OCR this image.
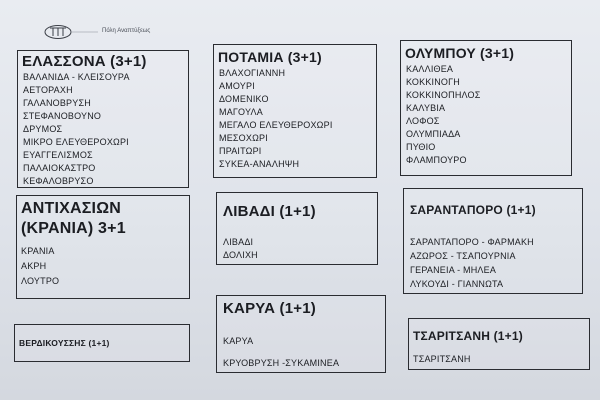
Πόλη Αναπτύξεως
ΕΛΑΣΣΟΝΑ (3+1)
ΒΑΛΑΝΙΔΑ - ΚΛΕΙΣΟΥΡΑ
ΑΕΤΟΡΑΧΗ
ΓΑΛΑΝΟΒΡΥΣΗ
ΣΤΕΦΑΝΟΒΟΥΝΟ
ΔΡΥΜΟΣ
ΜΙΚΡΟ ΕΛΕΥΘΕΡΟΧΩΡΙ
ΕΥΑΓΓΕΛΙΣΜΟΣ
ΠΑΛΑΙΟΚΑΣΤΡΟ
ΚΕΦΑΛΟΒΡΥΣΟ
ΠΟΤΑΜΙΑ (3+1)
ΒΛΑΧΟΓΙΑΝΝΗ
ΑΜΟΥΡΙ
ΔΟΜΕΝΙΚΟ
ΜΑΓΟΥΛΑ
ΜΕΓΑΛΟ ΕΛΕΥΘΕΡΟΧΩΡΙ
ΜΕΣΟΧΩΡΙ
ΠΡΑΙΤΩΡΙ
ΣΥΚΕΑ-ΑΝΑΛΗΨΗ
ΟΛΥΜΠΟΥ (3+1)
ΚΑΛΛΙΘΕΑ
ΚΟΚΚΙΝΟΓΗ
ΚΟΚΚΙΝΟΠΗΛΟΣ
ΚΑΛΥΒΙΑ
ΛΟΦΟΣ
ΟΛΥΜΠΙΑΔΑ
ΠΥΘΙΟ
ΦΛΑΜΠΟΥΡΟ
ΑΝΤΙΧΑΣΙΩΝ
(ΚΡΑΝΙΑ) 3+1
ΚΡΑΝΙΑ
ΑΚΡΗ
ΛΟΥΤΡΟ
ΛΙΒΑΔΙ (1+1)
ΛΙΒΑΔΙ
ΔΟΛΙΧΗ
ΣΑΡΑΝΤΑΠΟΡΟ (1+1)
ΣΑΡΑΝΤΑΠΟΡΟ - ΦΑΡΜΑΚΗ
ΑΖΩΡΟΣ - ΤΣΑΠΟΥΡΝΙΑ
ΓΕΡΑΝΕΙΑ - ΜΗΛΕΑ
ΛΥΚΟΥΔΙ - ΓΙΑΝΝΩΤΑ
ΒΕΡΔΙΚΟΥΣΣΗΣ (1+1)
ΚΑΡΥΑ (1+1)
ΚΑΡΥΑ
ΚΡΥΟΒΡΥΣΗ -ΣΥΚΑΜΙΝΕΑ
ΤΣΑΡΙΤΣΑΝΗ (1+1)
ΤΣΑΡΙΤΣΑΝΗ
